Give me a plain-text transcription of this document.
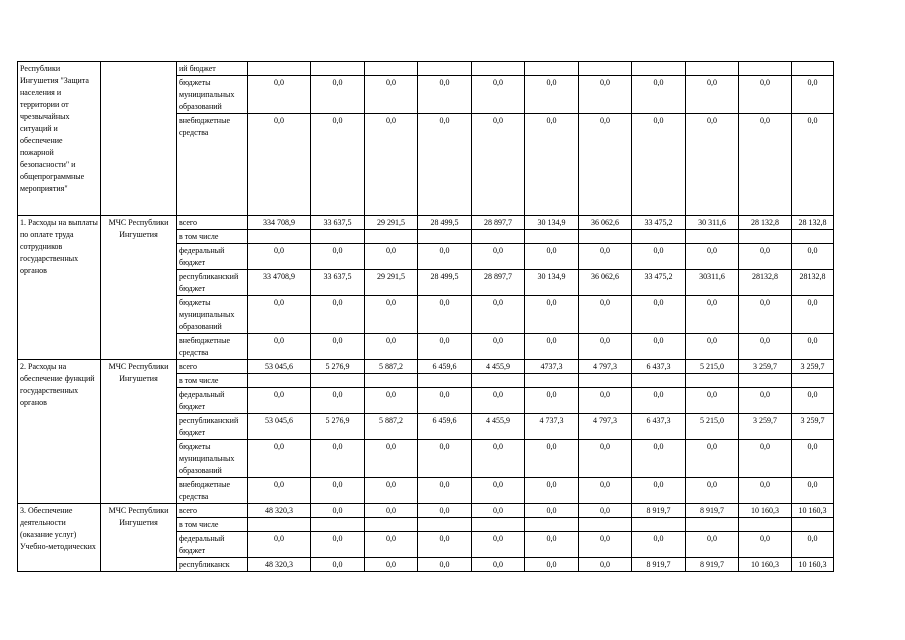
Республики Ингушетия "Защита населения и территории от чрезвычайных ситуаций и обеспечение пожарной безопасности" и общепрограммные мероприятия"		ий бюджет											
		бюджеты муниципальных образований	0,0	0,0	0,0	0,0	0,0	0,0	0,0	0,0	0,0	0,0	0,0
		внебюджетные средства	0,0	0,0	0,0	0,0	0,0	0,0	0,0	0,0	0,0	0,0	0,0
1. Расходы на выплаты по оплате труда сотрудников государственных органов	МЧС Республики Ингушетия	всего	334 708,9	33 637,5	29 291,5	28 499,5	28 897,7	30 134,9	36 062,6	33 475,2	30 311,6	28 132,8	28 132,8
		в том числе											
		федеральный бюджет	0,0	0,0	0,0	0,0	0,0	0,0	0,0	0,0	0,0	0,0	0,0
		республиканский бюджет	33 4708,9	33 637,5	29 291,5	28 499,5	28 897,7	30 134,9	36 062,6	33 475,2	30311,6	28132,8	28132,8
		бюджеты муниципальных образований	0,0	0,0	0,0	0,0	0,0	0,0	0,0	0,0	0,0	0,0	0,0
		внебюджетные средства	0,0	0,0	0,0	0,0	0,0	0,0	0,0	0,0	0,0	0,0	0,0
2. Расходы на обеспечение функций государственных органов	МЧС Республики Ингушетия	всего	53 045,6	5 276,9	5 887,2	6 459,6	4 455,9	4737,3	4 797,3	6 437,3	5 215,0	3 259,7	3 259,7
		в том числе											
		федеральный бюджет	0,0	0,0	0,0	0,0	0,0	0,0	0,0	0,0	0,0	0,0	0,0
		республиканский бюджет	53 045,6	5 276,9	5 887,2	6 459,6	4 455,9	4 737,3	4 797,3	6 437,3	5 215,0	3 259,7	3 259,7
		бюджеты муниципальных образований	0,0	0,0	0,0	0,0	0,0	0,0	0,0	0,0	0,0	0,0	0,0
		внебюджетные средства	0,0	0,0	0,0	0,0	0,0	0,0	0,0	0,0	0,0	0,0	0,0
3. Обеспечение деятельности (оказание услуг) Учебно-методических	МЧС Республики Ингушетия	всего	48 320,3	0,0	0,0	0,0	0,0	0,0	0,0	8 919,7	8 919,7	10 160,3	10 160,3
		в том числе											
		федеральный бюджет	0,0	0,0	0,0	0,0	0,0	0,0	0,0	0,0	0,0	0,0	0,0
		республиканск	48 320,3	0,0	0,0	0,0	0,0	0,0	0,0	8 919,7	8 919,7	10 160,3	10 160,3
